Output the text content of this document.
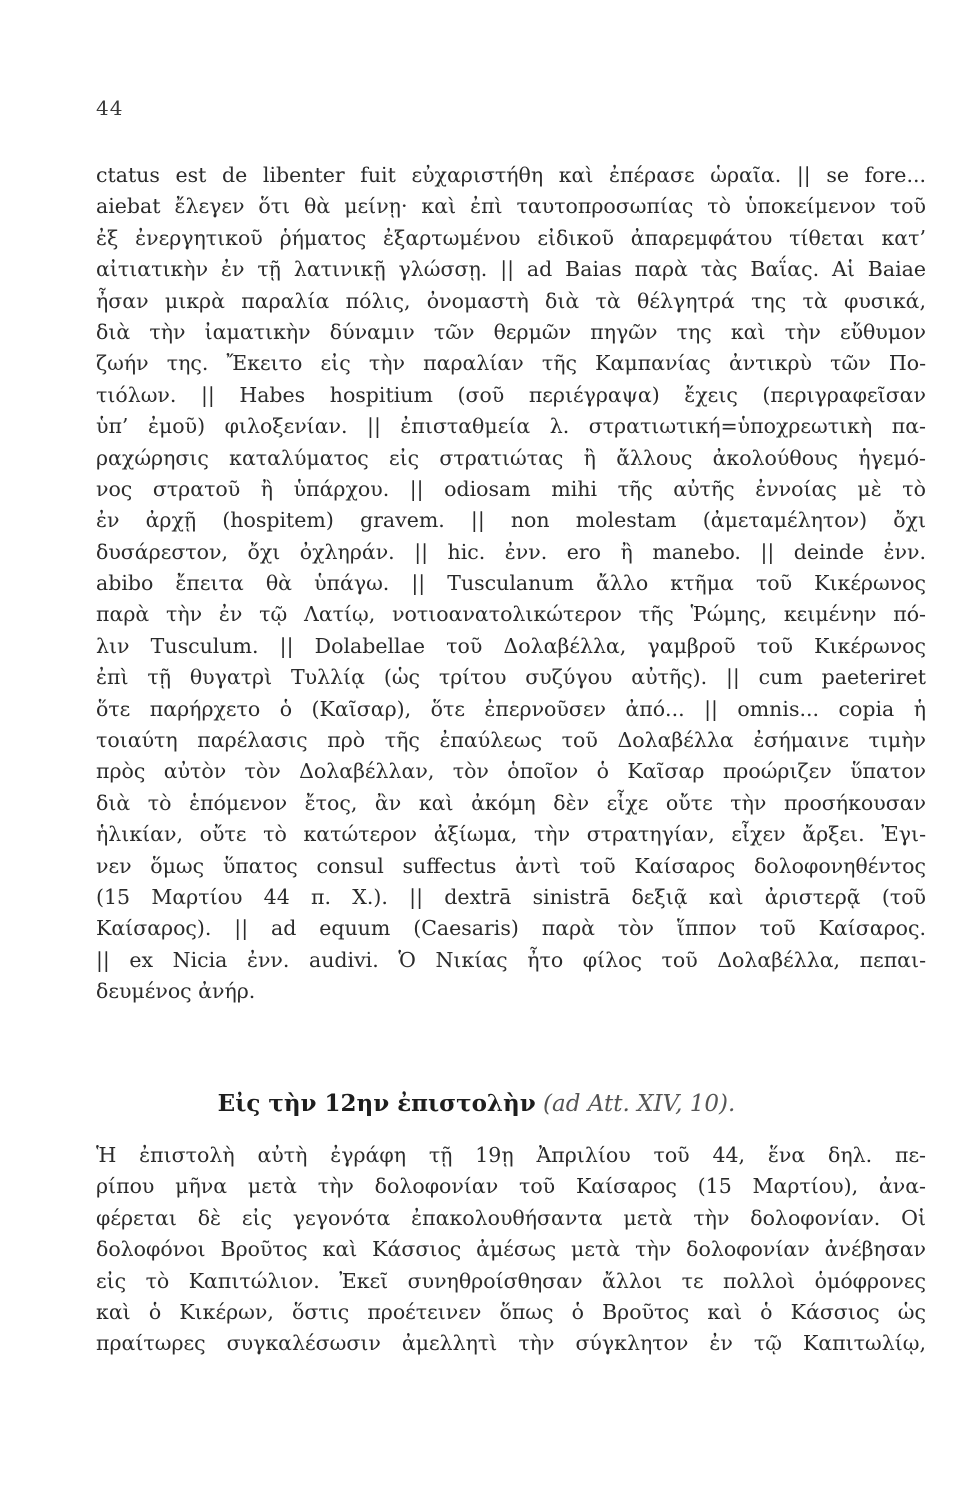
44
ctatus est de libenter fuit εὐχαριστήθη καὶ ἐπέρασε ὡραῖα. || se fore...
aiebat ἔλεγεν ὅτι θὰ μείνῃ· καὶ ἐπὶ ταυτοπροσωπίας τὸ ὑποκείμενον τοῦ
ἐξ ἐνεργητικοῦ ῥήματος ἐξαρτωμένου εἰδικοῦ ἀπαρεμφάτου τίθεται κατ’
αἰτιατικὴν ἐν τῇ λατινικῇ γλώσσῃ. || ad Baias παρὰ τὰς Βαΐας. Αἱ Baiae
ἦσαν μικρὰ παραλία πόλις, ὀνομαστὴ διὰ τὰ θέλγητρά της τὰ φυσικά,
διὰ τὴν ἰαματικὴν δύναμιν τῶν θερμῶν πηγῶν της καὶ τὴν εὔθυμον
ζωήν της. Ἔκειτο εἰς τὴν παραλίαν τῆς Καμπανίας ἀντικρὺ τῶν Πο-
τιόλων. || Habes hospitium (σοῦ περιέγραψα) ἔχεις (περιγραφεῖσαν
ὑπ’ ἐμοῦ) φιλοξενίαν. || ἐπισταθμεία λ. στρατιωτική=ὑποχρεωτικὴ πα-
ραχώρησις καταλύματος εἰς στρατιώτας ἢ ἄλλους ἀκολούθους ἡγεμό-
νος στρατοῦ ἢ ὑπάρχου. || odiosam mihi τῆς αὐτῆς ἐννοίας μὲ τὸ
ἐν ἀρχῇ (hospitem) gravem. || non molestam (ἀμεταμέλητον) ὄχι
δυσάρεστον, ὄχι ὀχληράν. || hic. ἐνν. ero ἢ manebo. || deinde ἐνν.
abibo ἔπειτα θὰ ὑπάγω. || Tusculanum ἄλλο κτῆμα τοῦ Κικέρωνος
παρὰ τὴν ἐν τῷ Λατίῳ, νοτιοανατολικώτερον τῆς Ῥώμης, κειμένην πό-
λιν Tusculum. || Dolabellae τοῦ Δολαβέλλα, γαμβροῦ τοῦ Κικέρωνος
ἐπὶ τῇ θυγατρὶ Τυλλίᾳ (ὡς τρίτου συζύγου αὐτῆς). || cum paeteriret
ὅτε παρήρχετο ὁ (Καῖσαρ), ὅτε ἐπερνοῦσεν ἀπό... || omnis... copia ἡ
τοιαύτη παρέλασις πρὸ τῆς ἐπαύλεως τοῦ Δολαβέλλα ἐσήμαινε τιμὴν
πρὸς αὐτὸν τὸν Δολαβέλλαν, τὸν ὁποῖον ὁ Καῖσαρ προώριζεν ὕπατον
διὰ τὸ ἑπόμενον ἔτος, ἂν καὶ ἀκόμη δὲν εἶχε οὔτε τὴν προσήκουσαν
ἡλικίαν, οὔτε τὸ κατώτερον ἀξίωμα, τὴν στρατηγίαν, εἶχεν ἄρξει. Ἐγι-
νεν ὅμως ὕπατος consul suffectus ἀντὶ τοῦ Καίσαρος δολοφονηθέντος
(15 Μαρτίου 44 π. Χ.). || dextrā sinistrā δεξιᾷ καὶ ἀριστερᾷ (τοῦ
Καίσαρος). || ad equum (Caesaris) παρὰ τὸν ἵππον τοῦ Καίσαρος.
|| ex Nicia ἐνν. audivi. Ὁ Νικίας ἦτο φίλος τοῦ Δολαβέλλα, πεπαι-
δευμένος ἀνήρ.
Εἰς τὴν 12ην ἐπιστολὴν (ad Att. XIV, 10).
Ἡ ἐπιστολὴ αὐτὴ ἐγράφη τῇ 19ῃ Ἀπριλίου τοῦ 44, ἕνα δηλ. πε-
ρίπου μῆνα μετὰ τὴν δολοφονίαν τοῦ Καίσαρος (15 Μαρτίου), ἀνα-
φέρεται δὲ εἰς γεγονότα ἐπακολουθήσαντα μετὰ τὴν δολοφονίαν. Οἱ
δολοφόνοι Βροῦτος καὶ Κάσσιος ἀμέσως μετὰ τὴν δολοφονίαν ἀνέβησαν
εἰς τὸ Καπιτώλιον. Ἐκεῖ συνηθροίσθησαν ἄλλοι τε πολλοὶ ὁμόφρονες
καὶ ὁ Κικέρων, ὅστις προέτεινεν ὅπως ὁ Βροῦτος καὶ ὁ Κάσσιος ὡς
πραίτωρες συγκαλέσωσιν ἀμελλητὶ τὴν σύγκλητον ἐν τῷ Καπιτωλίῳ,
